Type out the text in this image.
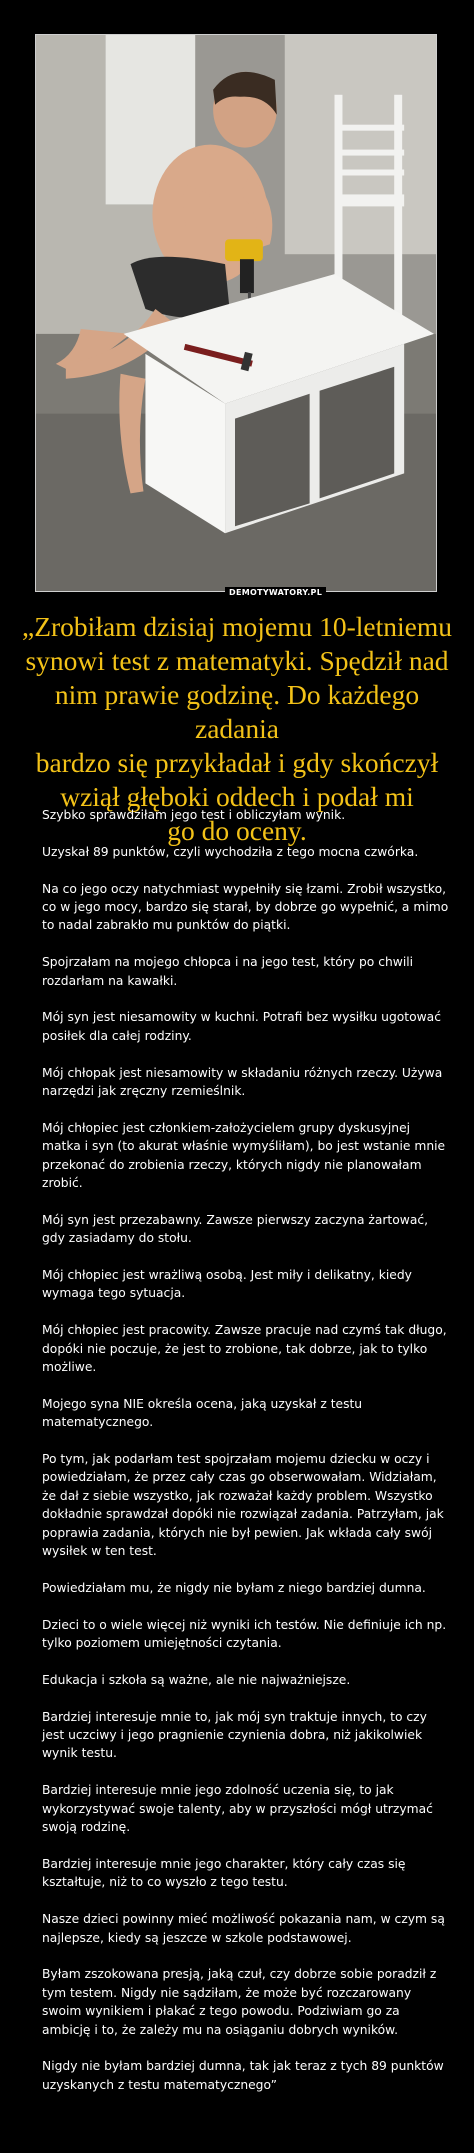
DEMOTYWATORY.PL
„Zrobiłam dzisiaj mojemu 10-letniemu
synowi test z matematyki. Spędził nad
nim prawie godzinę. Do każdego zadania
bardzo się przykładał i gdy skończył
wziął głęboki oddech i podał mi
go do oceny.

Szybko sprawdziłam jego test i obliczyłam wynik.

Uzyskał 89 punktów, czyli wychodziła z tego mocna czwórka.

Na co jego oczy natychmiast wypełniły się łzami. Zrobił wszystko, co w jego mocy, bardzo się starał, by dobrze go wypełnić, a mimo to nadal zabrakło mu punktów do piątki.

Spojrzałam na mojego chłopca i na jego test, który po chwili rozdarłam na kawałki.

Mój syn jest niesamowity w kuchni. Potrafi bez wysiłku ugotować posiłek dla całej rodziny.

Mój chłopak jest niesamowity w składaniu różnych rzeczy. Używa narzędzi jak zręczny rzemieślnik.

Mój chłopiec jest członkiem-założycielem grupy dyskusyjnej matka i syn (to akurat właśnie wymyśliłam), bo jest wstanie mnie przekonać do zrobienia rzeczy, których nigdy nie planowałam zrobić.

Mój syn jest przezabawny. Zawsze pierwszy zaczyna żartować, gdy zasiadamy do stołu.

Mój chłopiec jest wrażliwą osobą. Jest miły i delikatny, kiedy wymaga tego sytuacja.

Mój chłopiec jest pracowity. Zawsze pracuje nad czymś tak długo, dopóki nie poczuje, że jest to zrobione, tak dobrze, jak to tylko możliwe.

Mojego syna NIE określa ocena, jaką uzyskał z testu matematycznego.

Po tym, jak podarłam test spojrzałam mojemu dziecku w oczy i powiedziałam, że przez cały czas go obserwowałam. Widziałam, że dał z siebie wszystko, jak rozważał każdy problem. Wszystko dokładnie sprawdzał dopóki nie rozwiązał zadania. Patrzyłam, jak poprawia zadania, których nie był pewien. Jak wkłada cały swój wysiłek w ten test.

Powiedziałam mu, że nigdy nie byłam z niego bardziej dumna.

Dzieci to o wiele więcej niż wyniki ich testów. Nie definiuje ich np. tylko poziomem umiejętności czytania.

Edukacja i szkoła są ważne, ale nie najważniejsze.

Bardziej interesuje mnie to, jak mój syn traktuje innych, to czy jest uczciwy i jego pragnienie czynienia dobra, niż jakikolwiek wynik testu.

Bardziej interesuje mnie jego zdolność uczenia się, to jak wykorzystywać swoje talenty, aby w przyszłości mógł utrzymać swoją rodzinę.

Bardziej interesuje mnie jego charakter, który cały czas się kształtuje, niż to co wyszło z tego testu.

Nasze dzieci powinny mieć możliwość pokazania nam, w czym są najlepsze, kiedy są jeszcze w szkole podstawowej.

Byłam zszokowana presją, jaką czuł, czy dobrze sobie poradził z tym testem. Nigdy nie sądziłam, że może być rozczarowany swoim wynikiem i płakać z tego powodu. Podziwiam go za ambicję i to, że zależy mu na osiąganiu dobrych wyników.

Nigdy nie byłam bardziej dumna, tak jak teraz z tych 89 punktów uzyskanych z testu matematycznego”
